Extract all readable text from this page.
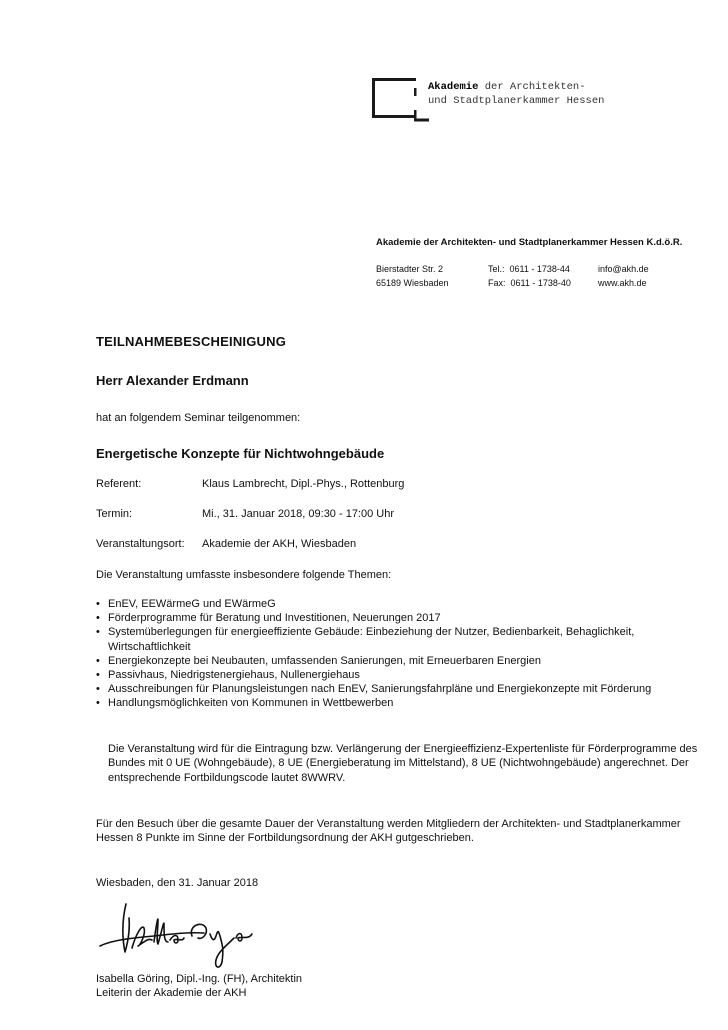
Akademie der Architekten-
und Stadtplanerkammer Hessen
Akademie der Architekten- und Stadtplanerkammer Hessen K.d.ö.R.
Bierstadter Str. 2
65189 Wiesbaden
Tel.:  0611 - 1738-44
Fax:  0611 - 1738-40
info@akh.de
www.akh.de
TEILNAHMEBESCHEINIGUNG
Herr Alexander Erdmann
hat an folgendem Seminar teilgenommen:
Energetische Konzepte für Nichtwohngebäude
Referent:	Klaus Lambrecht, Dipl.-Phys., Rottenburg
Termin:	Mi., 31. Januar 2018, 09:30 - 17:00 Uhr
Veranstaltungsort: Akademie der AKH, Wiesbaden
Die Veranstaltung umfasste insbesondere folgende Themen:
• EnEV, EEWärmeG und EWärmeG
• Förderprogramme für Beratung und Investitionen, Neuerungen 2017
• Systemüberlegungen für energieeffiziente Gebäude: Einbeziehung der Nutzer, Bedienbarkeit, Behaglichkeit, Wirtschaftlichkeit
• Energiekonzepte bei Neubauten, umfassenden Sanierungen, mit Erneuerbaren Energien
• Passivhaus, Niedrigstenergiehaus, Nullenergiehaus
• Ausschreibungen für Planungsleistungen nach EnEV, Sanierungsfahrpläne und Energiekonzepte mit Förderung
• Handlungsmöglichkeiten von Kommunen in Wettbewerben
Die Veranstaltung wird für die Eintragung bzw. Verlängerung der Energieeffizienz-Expertenliste für Förderprogramme des Bundes mit 0 UE (Wohngebäude), 8 UE (Energieberatung im Mittelstand), 8 UE (Nichtwohngebäude) angerechnet. Der entsprechende Fortbildungscode lautet 8WWRV.
Für den Besuch über die gesamte Dauer der Veranstaltung werden Mitgliedern der Architekten- und Stadtplanerkammer Hessen 8 Punkte im Sinne der Fortbildungsordnung der AKH gutgeschrieben.
Wiesbaden, den 31. Januar 2018
Isabella Göring, Dipl.-Ing. (FH), Architektin
Leiterin der Akademie der AKH
